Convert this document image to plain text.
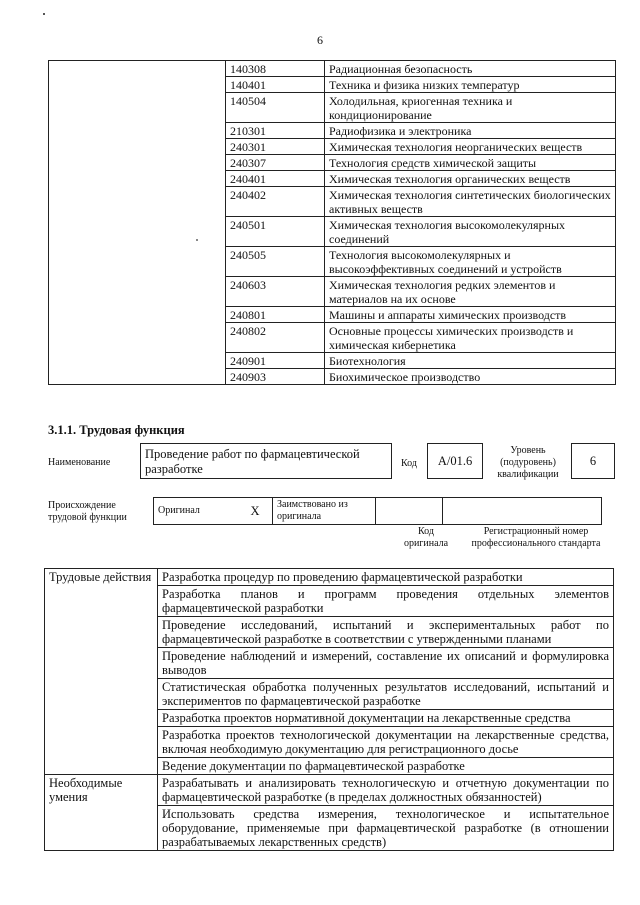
6
	140308	Радиационная безопасность
	140401	Техника и физика низких температур
	140504	Холодильная, криогенная техника и кондиционирование
	210301	Радиофизика и электроника
	240301	Химическая технология неорганических веществ
	240307	Технология средств химической защиты
	240401	Химическая технология органических веществ
	240402	Химическая технология синтетических биологических активных веществ
	240501	Химическая технология высокомолекулярных соединений
	240505	Технология высокомолекулярных и высокоэффективных соединений и устройств
	240603	Химическая технология редких элементов и материалов на их основе
	240801	Машины и аппараты химических производств
	240802	Основные процессы химических производств и химическая кибернетика
	240901	Биотехнология
	240903	Биохимическое производство
3.1.1. Трудовая функция
Наименование
Проведение работ по фармацевтической разработке	Код	А/01.6
Уровень (подуровень) квалификации
6
Происхождение трудовой функции
Оригинал	X	Заимствовано из оригинала		
Код оригинала
Регистрационный номер профессионального стандарта
Трудовые действия	Разработка процедур по проведению фармацевтической разработки
	Разработка планов и программ проведения отдельных элементов фармацевтической разработки
	Проведение исследований, испытаний и экспериментальных работ по фармацевтической разработке в соответствии с утвержденными планами
	Проведение наблюдений и измерений, составление их описаний и формулировка выводов
	Статистическая обработка полученных результатов исследований, испытаний и экспериментов по фармацевтической разработке
	Разработка проектов нормативной документации на лекарственные средства
	Разработка проектов технологической документации на лекарственные средства, включая необходимую документацию для регистрационного досье
	Ведение документации по фармацевтической разработке
Необходимые умения	Разрабатывать и анализировать технологическую и отчетную документации по фармацевтической разработке (в пределах должностных обязанностей)
	Использовать средства измерения, технологическое и испытательное оборудование, применяемые при фармацевтической разработке (в отношении разрабатываемых лекарственных средств)
